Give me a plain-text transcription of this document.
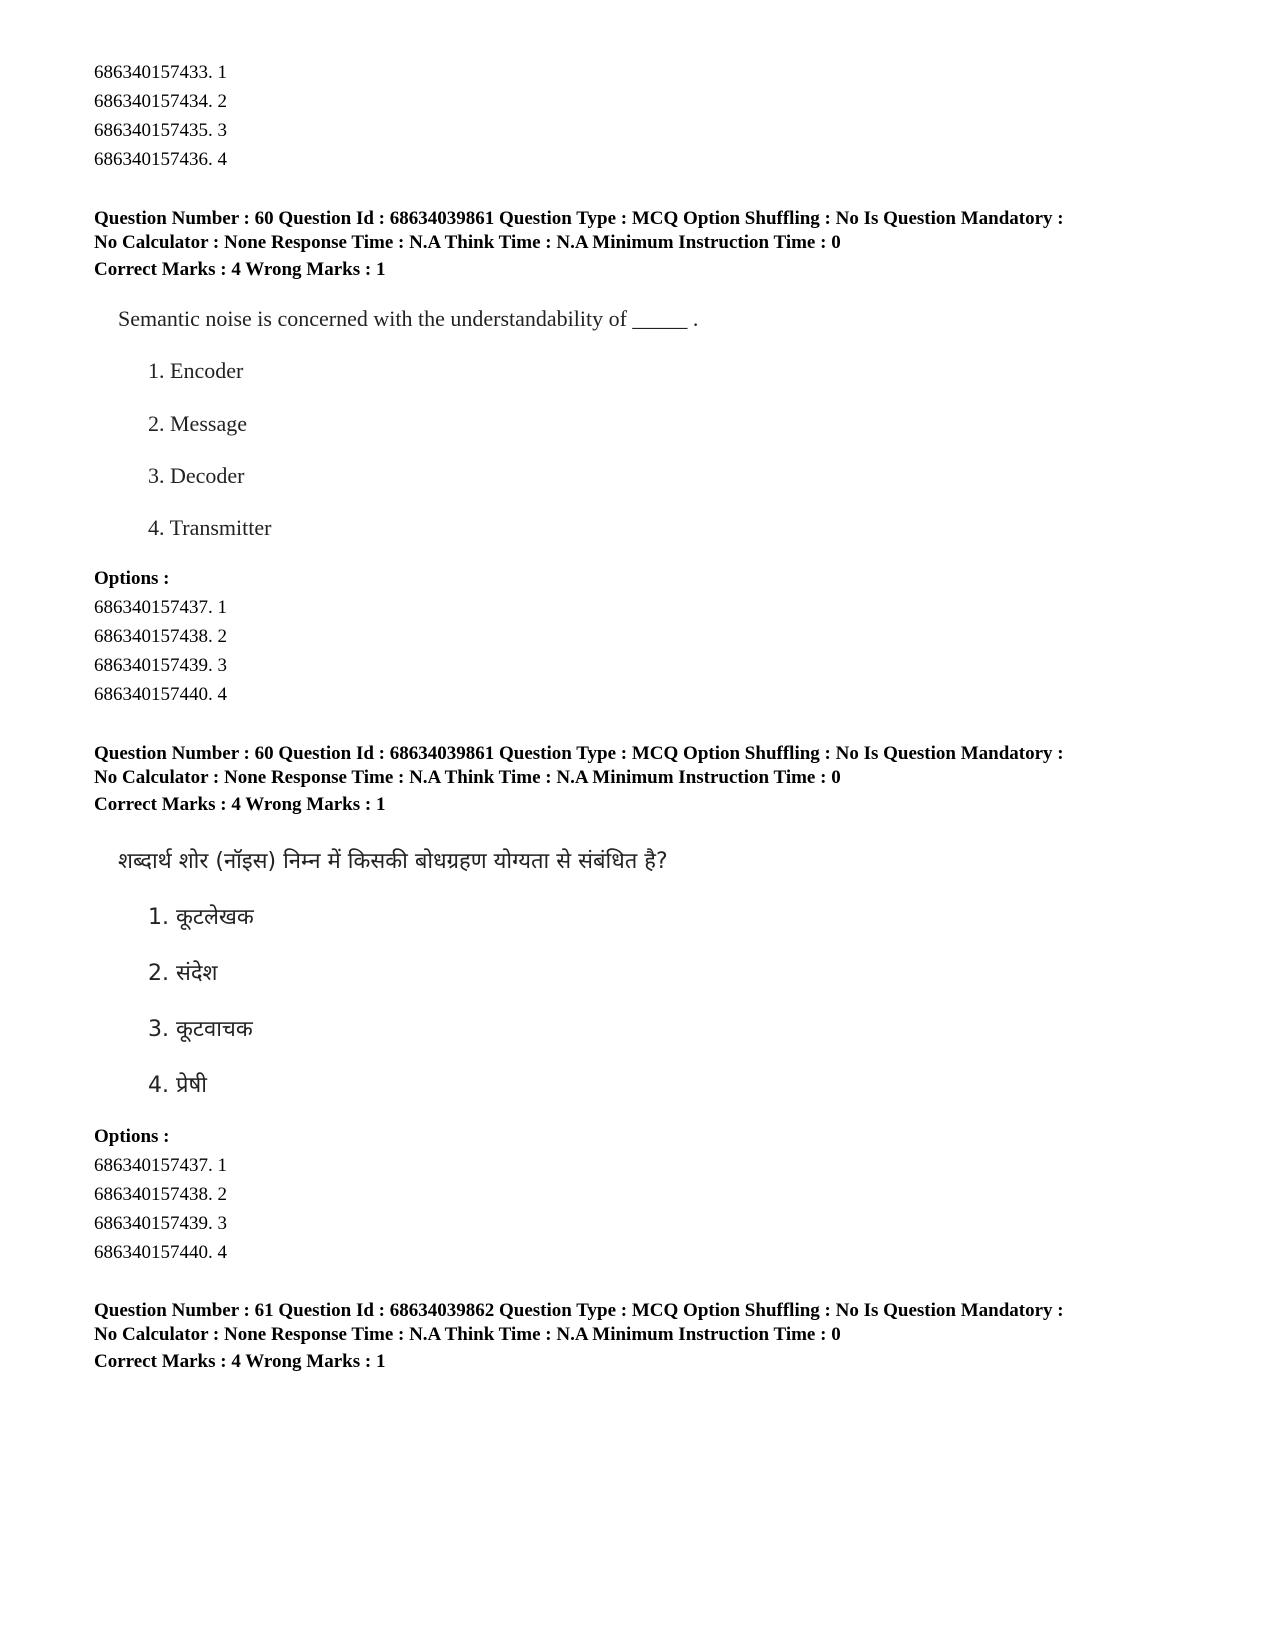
686340157433. 1

686340157434. 2

686340157435. 3

686340157436. 4

Question Number : 60 Question Id : 68634039861 Question Type : MCQ Option Shuffling : No Is Question Mandatory :

No Calculator : None Response Time : N.A Think Time : N.A Minimum Instruction Time : 0

Correct Marks : 4 Wrong Marks : 1

Semantic noise is concerned with the understandability of _____ .

1. Encoder
2. Message
3. Decoder
4. Transmitter

Options :

686340157437. 1

686340157438. 2

686340157439. 3

686340157440. 4

Question Number : 60 Question Id : 68634039861 Question Type : MCQ Option Shuffling : No Is Question Mandatory :

No Calculator : None Response Time : N.A Think Time : N.A Minimum Instruction Time : 0

Correct Marks : 4 Wrong Marks : 1

शब्दार्थ शोर (नॉइस) निम्न में किसकी बोधग्रहण योग्यता से संबंधित है?

1. कूटलेखक
2. संदेश
3. कूटवाचक
4. प्रेषी

Options :

686340157437. 1

686340157438. 2

686340157439. 3

686340157440. 4

Question Number : 61 Question Id : 68634039862 Question Type : MCQ Option Shuffling : No Is Question Mandatory :

No Calculator : None Response Time : N.A Think Time : N.A Minimum Instruction Time : 0

Correct Marks : 4 Wrong Marks : 1
